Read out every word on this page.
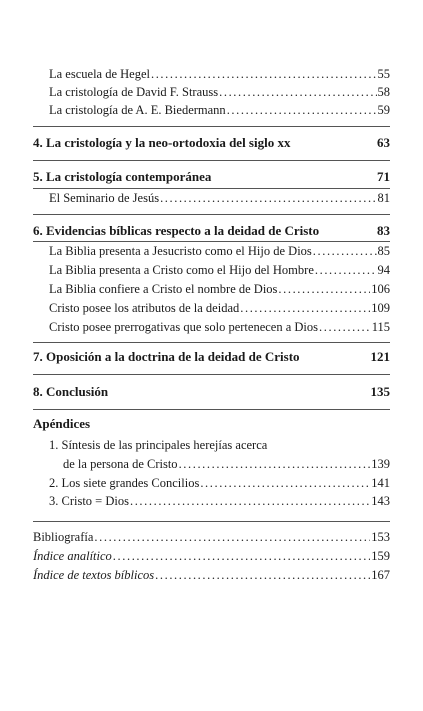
La escuela de Hegel .....	55
La cristología de David F. Strauss .....	58
La cristología de A. E. Biedermann .....	59
4. La cristología y la neo-ortodoxia del siglo xx	63
5. La cristología contemporánea	71
El Seminario de Jesús .....	81
6. Evidencias bíblicas respecto a la deidad de Cristo	83
La Biblia presenta a Jesucristo como el Hijo de Dios .....	85
La Biblia presenta a Cristo como el Hijo del Hombre .....	94
La Biblia confiere a Cristo el nombre de Dios .....	106
Cristo posee los atributos de la deidad .....	109
Cristo posee prerrogativas que solo pertenecen a Dios .....	115
7. Oposición a la doctrina de la deidad de Cristo	121
8. Conclusión	135
Apéndices
1. Síntesis de las principales herejías acerca
de la persona de Cristo .....	139
2. Los siete grandes Concilios .....	141
3. Cristo = Dios .....	143
Bibliografía .....	153
Índice analítico .....	159
Índice de textos bíblicos .....	167
